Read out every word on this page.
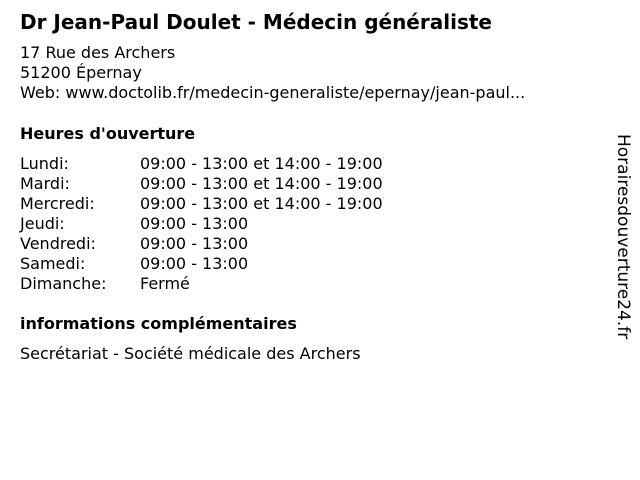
Dr Jean-Paul Doulet - Médecin généraliste
17 Rue des Archers
51200 Épernay
Web: www.doctolib.fr/medecin-generaliste/epernay/jean-paul...
Heures d'ouverture
Lundi:	09:00 - 13:00 et 14:00 - 19:00
Mardi:	09:00 - 13:00 et 14:00 - 19:00
Mercredi:	09:00 - 13:00 et 14:00 - 19:00
Jeudi:	09:00 - 13:00
Vendredi:	09:00 - 13:00
Samedi:	09:00 - 13:00
Dimanche:	Fermé
informations complémentaires
Secrétariat - Société médicale des Archers
Horairesdouverture24.fr
